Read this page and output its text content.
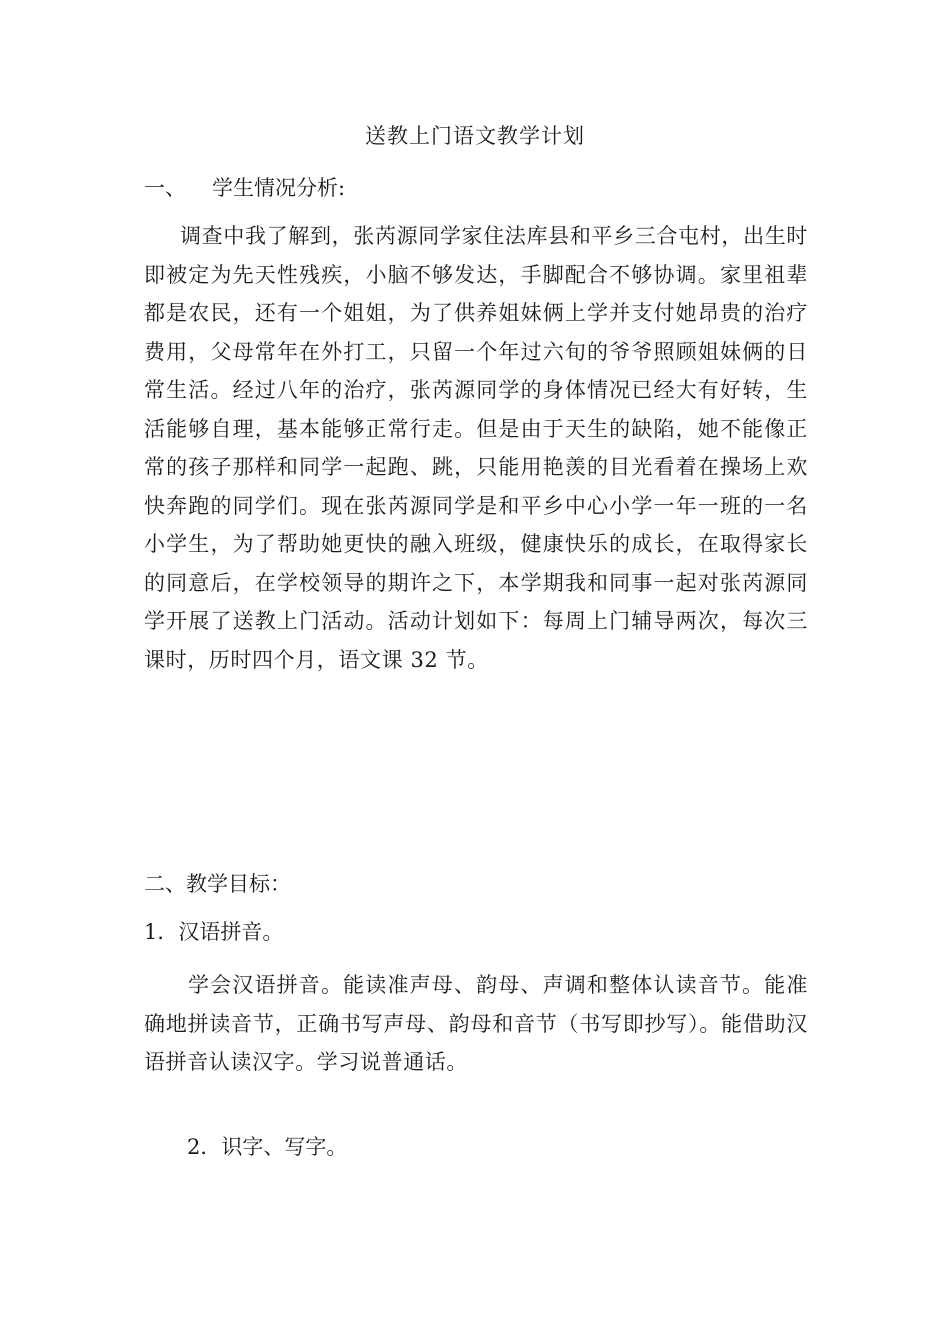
送教上门语文教学计划
一、 学生情况分析:
调查中我了解到，张芮源同学家住法库县和平乡三合屯村，出生时即被定为先天性残疾，小脑不够发达，手脚配合不够协调。家里祖辈都是农民，还有一个姐姐，为了供养姐妹俩上学并支付她昂贵的治疗费用，父母常年在外打工，只留一个年过六旬的爷爷照顾姐妹俩的日常生活。经过八年的治疗，张芮源同学的身体情况已经大有好转，生活能够自理，基本能够正常行走。但是由于天生的缺陷，她不能像正常的孩子那样和同学一起跑、跳，只能用艳羡的目光看着在操场上欢快奔跑的同学们。现在张芮源同学是和平乡中心小学一年一班的一名小学生，为了帮助她更快的融入班级，健康快乐的成长，在取得家长的同意后，在学校领导的期许之下，本学期我和同事一起对张芮源同学开展了送教上门活动。活动计划如下：每周上门辅导两次，每次三课时，历时四个月，语文课 32 节。
二、教学目标：
1．汉语拼音。
学会汉语拼音。能读准声母、韵母、声调和整体认读音节。能准确地拼读音节，正确书写声母、韵母和音节（书写即抄写）。能借助汉语拼音认读汉字。学习说普通话。
2．识字、写字。
